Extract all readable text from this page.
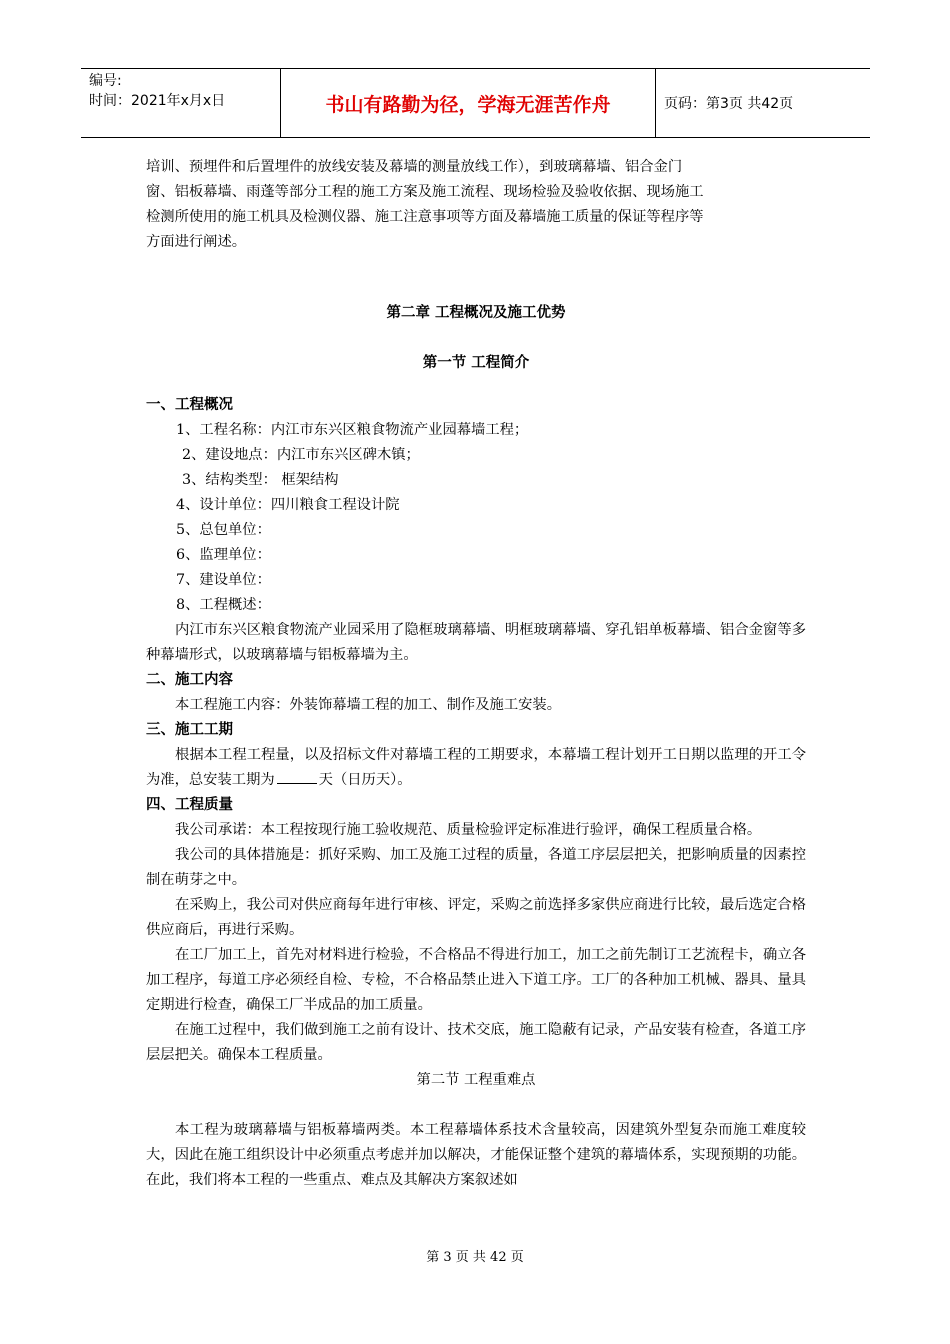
编号:
时间：2021年x月x日	书山有路勤为径，学海无涯苦作舟	页码：第3页 共42页

培训、预埋件和后置埋件的放线安装及幕墙的测量放线工作），到玻璃幕墙、铝合金门

窗、铝板幕墙、雨蓬等部分工程的施工方案及施工流程、现场检验及验收依据、现场施工

检测所使用的施工机具及检测仪器、施工注意事项等方面及幕墙施工质量的保证等程序等

方面进行阐述。

第二章 工程概况及施工优势

第一节 工程简介

一、工程概况

1、工程名称：内江市东兴区粮食物流产业园幕墙工程；

2、建设地点：内江市东兴区碑木镇；

3、结构类型： 框架结构

4、设计单位：四川粮食工程设计院

5、总包单位：

6、监理单位：

7、建设单位：

8、工程概述：

内江市东兴区粮食物流产业园采用了隐框玻璃幕墙、明框玻璃幕墙、穿孔铝单板幕墙、铝合金窗等多种幕墙形式，以玻璃幕墙与铝板幕墙为主。

二、施工内容

本工程施工内容：外装饰幕墙工程的加工、制作及施工安装。

三、施工工期

根据本工程工程量，以及招标文件对幕墙工程的工期要求，本幕墙工程计划开工日期以监理的开工令为准，总安装工期为	天（日历天）。

四、工程质量

我公司承诺：本工程按现行施工验收规范、质量检验评定标准进行验评，确保工程质量合格。

我公司的具体措施是：抓好采购、加工及施工过程的质量，各道工序层层把关，把影响质量的因素控制在萌芽之中。

在采购上，我公司对供应商每年进行审核、评定，采购之前选择多家供应商进行比较，最后选定合格供应商后，再进行采购。

在工厂加工上，首先对材料进行检验，不合格品不得进行加工，加工之前先制订工艺流程卡，确立各加工程序，每道工序必须经自检、专检，不合格品禁止进入下道工序。工厂的各种加工机械、器具、量具定期进行检查，确保工厂半成品的加工质量。

在施工过程中，我们做到施工之前有设计、技术交底，施工隐蔽有记录，产品安装有检查，各道工序层层把关。确保本工程质量。

第二节 工程重难点

本工程为玻璃幕墙与铝板幕墙两类。本工程幕墙体系技术含量较高，因建筑外型复杂而施工难度较大，因此在施工组织设计中必须重点考虑并加以解决，才能保证整个建筑的幕墙体系，实现预期的功能。在此，我们将本工程的一些重点、难点及其解决方案叙述如

第 3 页 共 42 页
